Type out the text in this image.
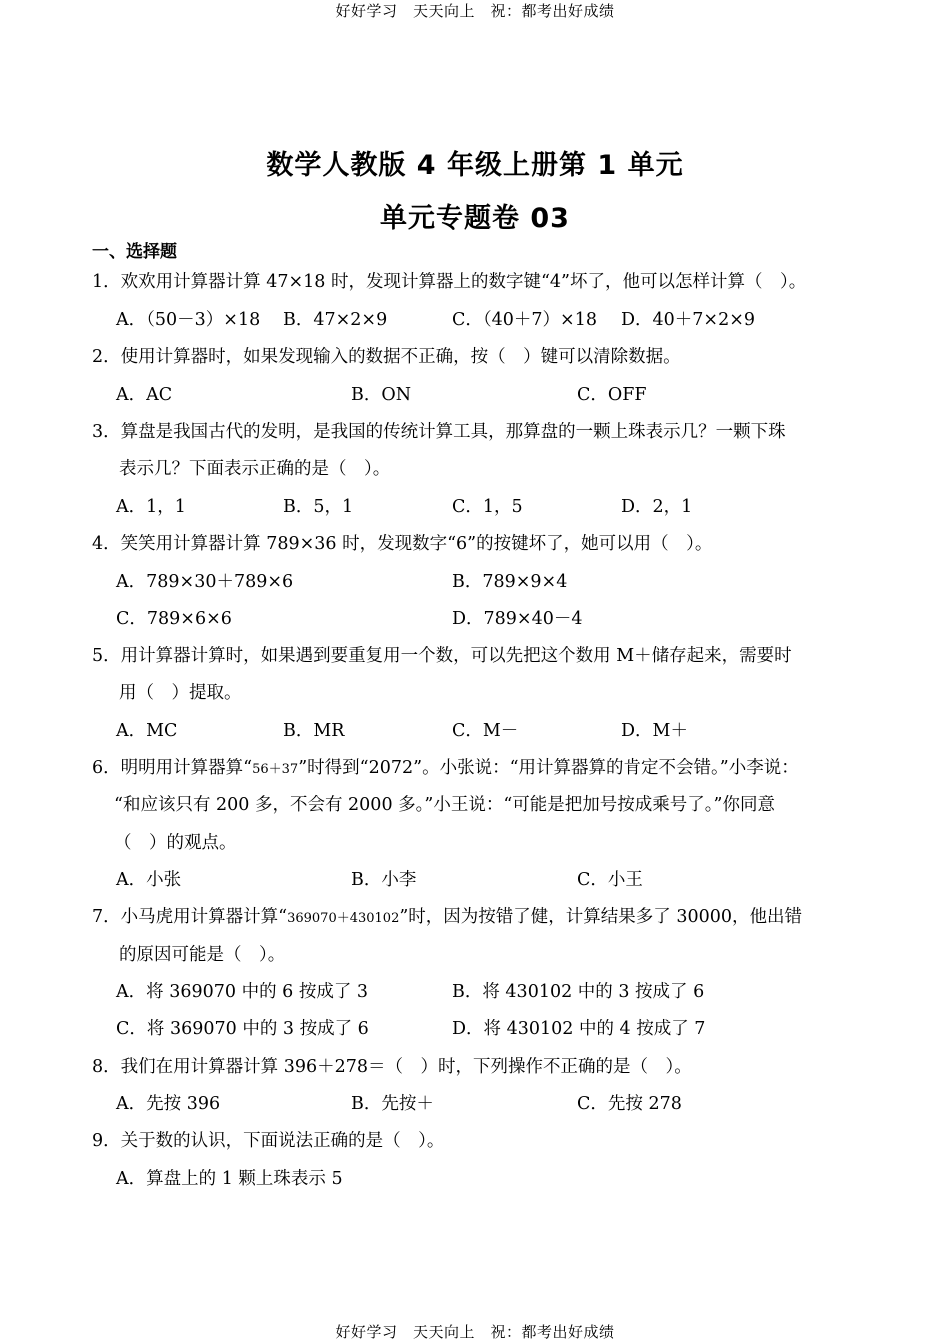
好好学习　天天向上　祝：都考出好成绩
数学人教版 4 年级上册第 1 单元
单元专题卷 03
一、选择题
1．欢欢用计算器计算 47×18 时，发现计算器上的数字键“4”坏了，他可以怎样计算（　）。
A．（50－3）×18 B．47×2×9	C．（40＋7）×18 D．40＋7×2×9
2．使用计算器时，如果发现输入的数据不正确，按（　）键可以清除数据。
A．AC	B．ON	C．OFF
3．算盘是我国古代的发明，是我国的传统计算工具，那算盘的一颗上珠表示几？一颗下珠
表示几？下面表示正确的是（　）。
A．1，1	B．5，1	C．1，5	D．2，1
4．笑笑用计算器计算 789×36 时，发现数字“6”的按键坏了，她可以用（　）。
A．789×30＋789×6	B．789×9×4
C．789×6×6	D．789×40－4
5．用计算器计算时，如果遇到要重复用一个数，可以先把这个数用 M＋储存起来，需要时
用（　）提取。
A．MC	B．MR	C．M－	D．M＋
6．明明用计算器算“56＋37”时得到“2072”。小张说：“用计算器算的肯定不会错。”小李说：
“和应该只有 200 多，不会有 2000 多。”小王说：“可能是把加号按成乘号了。”你同意
（　）的观点。
A．小张	B．小李	C．小王
7．小马虎用计算器计算“369070＋430102”时，因为按错了健，计算结果多了 30000，他出错
的原因可能是（　）。
A．将 369070 中的 6 按成了 3	B．将 430102 中的 3 按成了 6
C．将 369070 中的 3 按成了 6	D．将 430102 中的 4 按成了 7
8．我们在用计算器计算 396＋278＝（　）时，下列操作不正确的是（　）。
A．先按 396	B．先按＋	C．先按 278
9．关于数的认识，下面说法正确的是（　）。
A．算盘上的 1 颗上珠表示 5
好好学习　天天向上　祝：都考出好成绩
